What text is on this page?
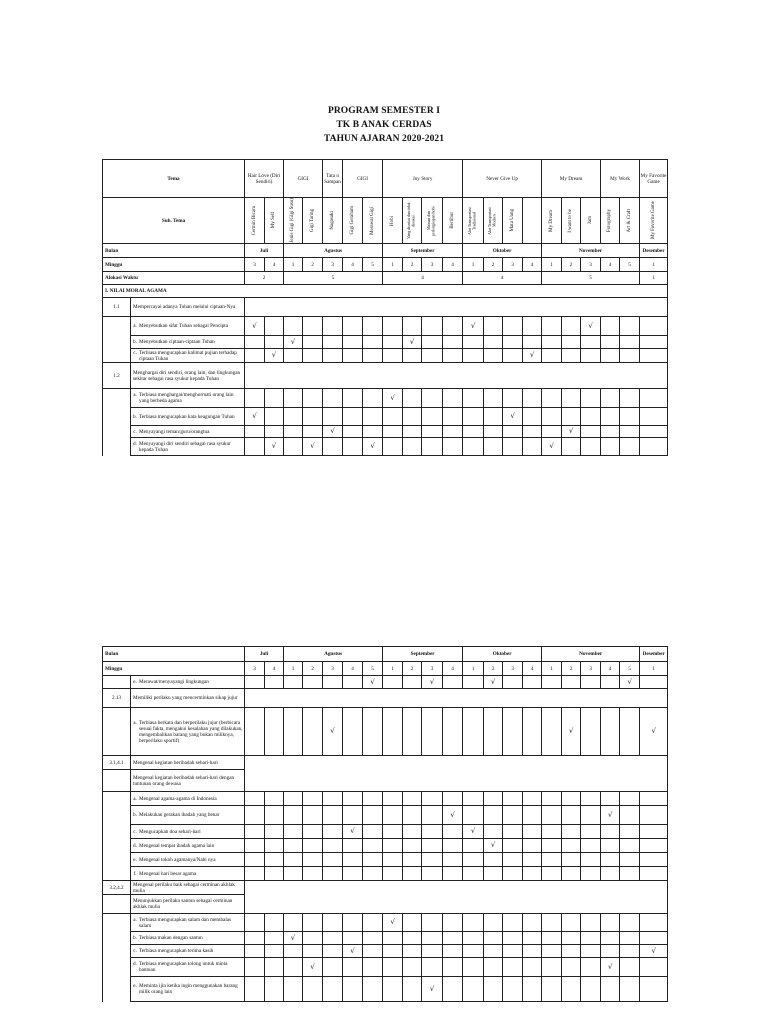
PROGRAM SEMESTER I
TK B ANAK CERDAS
TAHUN AJARAN 2020-2021
Tema		Hair Love (Diri Sendiri)		GIGI		Tata n Sampan	GIGI		Joy Story				Never Give Up				My Dream			My Work		My Favorite Game
Sub. Tema		Cermin Bicara	My Self	Jenis Gigi (Gigi Susu)	Gigi Taring	Nagasaki	Gigi Geraham	Merawat Gigi	Hobi	Yang disukai dan tidak disukai	Mainan dan perlengkapan hobi	Berlibur	Alat Transportasi Tradisional	Alat Transportasi Modern	Mata Uang		My Dream	I want to be	Jam	Fotography	Art & Craft	My Favorite Game

Bulan		Juli		Agustus					September				Oktober				November					Desember
Minggu		3	4	1	2	3	4	5	1	2	3	4	1	2	3	4	1	2	3	4	5	1
Alokasi Waktu		2		5					4				4				5					1
I. NILAI MORAL AGAMA																						
1.1	Mempercayai adanya Tuhan melalui ciptaan-Nya																					

	a. Menyebutkan sifat Tuhan sebagai Pencipta	√											√						√			

	b. Menyebutkan ciptaan-ciptaan Tuhan			√						√												

	c. Terbiasa mengucapkan kalimat pujian terhadap ciptaan Tuhan		√													√						
1.2	Menghargai diri sendiri, orang lain, dan lingkungan sekitar sebagai rasa syukur kepada Tuhan																					

	a. Terbiasa menghargai/menghormati orang lain yang berbeda agama								√													

	b. Terbiasa mengucapkan kata keagungan Tuhan	√													√							

	c. Menyayangi teman/guru/orangtua					√												√				

	d. Menyayangi diri sendiri sebagai rasa syukur kepada Tuhan		√		√			√									√					
Bulan		Juli		Agustus					September				Oktober				November					Desember
Minggu		3	4	1	2	3	4	5	1	2	3	4	1	2	3	4	1	2	3	4	5	1

	e. Merawat/menyayangi lingkungan							√			√			√							√	
2.13	Memiliki perilaku yang mencerminkan sikap jujur																					

	a. Terbiasa berkata dan berperilaku jujur (berbicara sesuai fakta, mengakui kesalahan yang dilakukan, mengembalikan barang yang bukan miliknya, berperilaku sportif)					√												√				√
3.1,4.1	Mengenal kegiatan beribadah sehari-hari																					
	Mengenal kegiatan beribadah sehari-hari dengan tuntunan orang dewasa																					

	a. Mengenal agama-agama di Indonesia																					

	b. Melakukan gerakan ibadah yang benar											√								√		

	c. Mengucapkan doa sehari-hari						√						√									

	d. Mengenal tempat ibadah agama lain													√								

	e. Mengenal tokoh agamanya/Nabi nya																					

	f. Mengenal hari besar agama																					

3.2,4.2	Mengenal perilaku baik sebagai cerminan akhlak mulia																					
	Menunjukkan perilaku santun sebagai cerminan akhlak mulia																					

	a. Terbiasa mengucapkan salam dan membalas salam								√													

	b. Terbiasa makan dengan santun			√																		

	c. Terbiasa mengucapkan terima kasih						√															√

	d. Terbiasa mengucapkan tolong untuk minta bantuan				√															√		

	e. Meminta ijin ketika ingin menggunakan barang milik orang lain										√											
